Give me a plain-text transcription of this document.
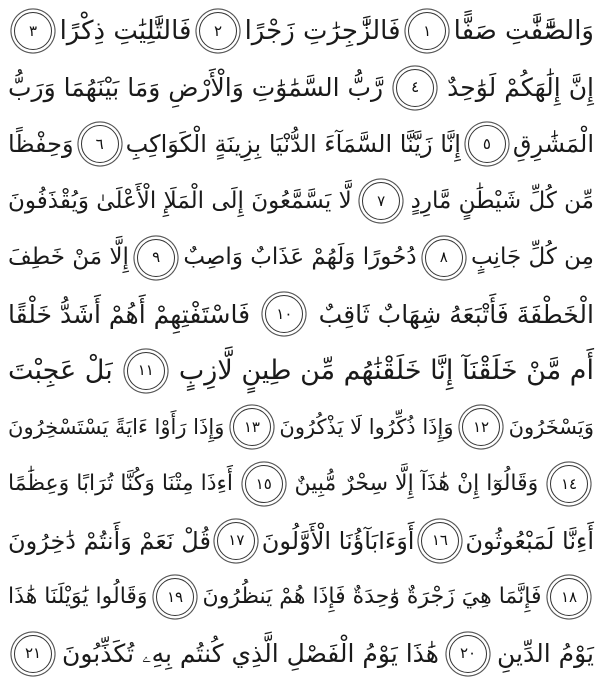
وَالصَّٰٓفَّٰتِ صَفًّا
١
فَالزَّٰجِرَٰتِ زَجْرًا
٢
فَالتَّٰلِيَٰتِ ذِكْرًا
٣
إِنَّ إِلَٰهَكُمْ لَوَٰحِدٌ
٤
رَّبُّ السَّمَٰوَٰتِ وَالْأَرْضِ وَمَا بَيْنَهُمَا وَرَبُّ
الْمَشَٰرِقِ
٥
إِنَّا زَيَّنَّا السَّمَآءَ الدُّنْيَا بِزِينَةٍ الْكَوَاكِبِ
٦
وَحِفْظًا
مِّن كُلِّ شَيْطَٰنٍ مَّارِدٍ
٧
لَّا يَسَّمَّعُونَ إِلَى الْمَلَإِ الْأَعْلَىٰ وَيُقْذَفُونَ
مِن كُلِّ جَانِبٍ
٨
دُحُورًا وَلَهُمْ عَذَابٌ وَاصِبٌ
٩
إِلَّا مَنْ خَطِفَ
الْخَطْفَةَ فَأَتْبَعَهُ شِهَابٌ ثَاقِبٌ
١٠
فَاسْتَفْتِهِمْ أَهُمْ أَشَدُّ خَلْقًا
أَم مَّنْ خَلَقْنَآ إِنَّا خَلَقْنَٰهُم مِّن طِينٍ لَّازِبٍ
١١
بَلْ عَجِبْتَ
وَيَسْخَرُونَ
١٢
وَإِذَا ذُكِّرُوا لَا يَذْكُرُونَ
١٣
وَإِذَا رَأَوْا ءَايَةً يَسْتَسْخِرُونَ
١٤
وَقَالُوٓا إِنْ هَٰذَآ إِلَّا سِحْرٌ مُّبِينٌ
١٥
أَءِذَا مِتْنَا وَكُنَّا تُرَابًا وَعِظَٰمًا
أَءِنَّا لَمَبْعُوثُونَ
١٦
أَوَءَابَآؤُنَا الْأَوَّلُونَ
١٧
قُلْ نَعَمْ وَأَنتُمْ دَٰخِرُونَ
١٨
فَإِنَّمَا هِيَ زَجْرَةٌ وَٰحِدَةٌ فَإِذَا هُمْ يَنظُرُونَ
١٩
وَقَالُوا يَٰوَيْلَنَا هَٰذَا
يَوْمُ الدِّينِ
٢٠
هَٰذَا يَوْمُ الْفَصْلِ الَّذِي كُنتُم بِهِۦ تُكَذِّبُونَ
٢١
